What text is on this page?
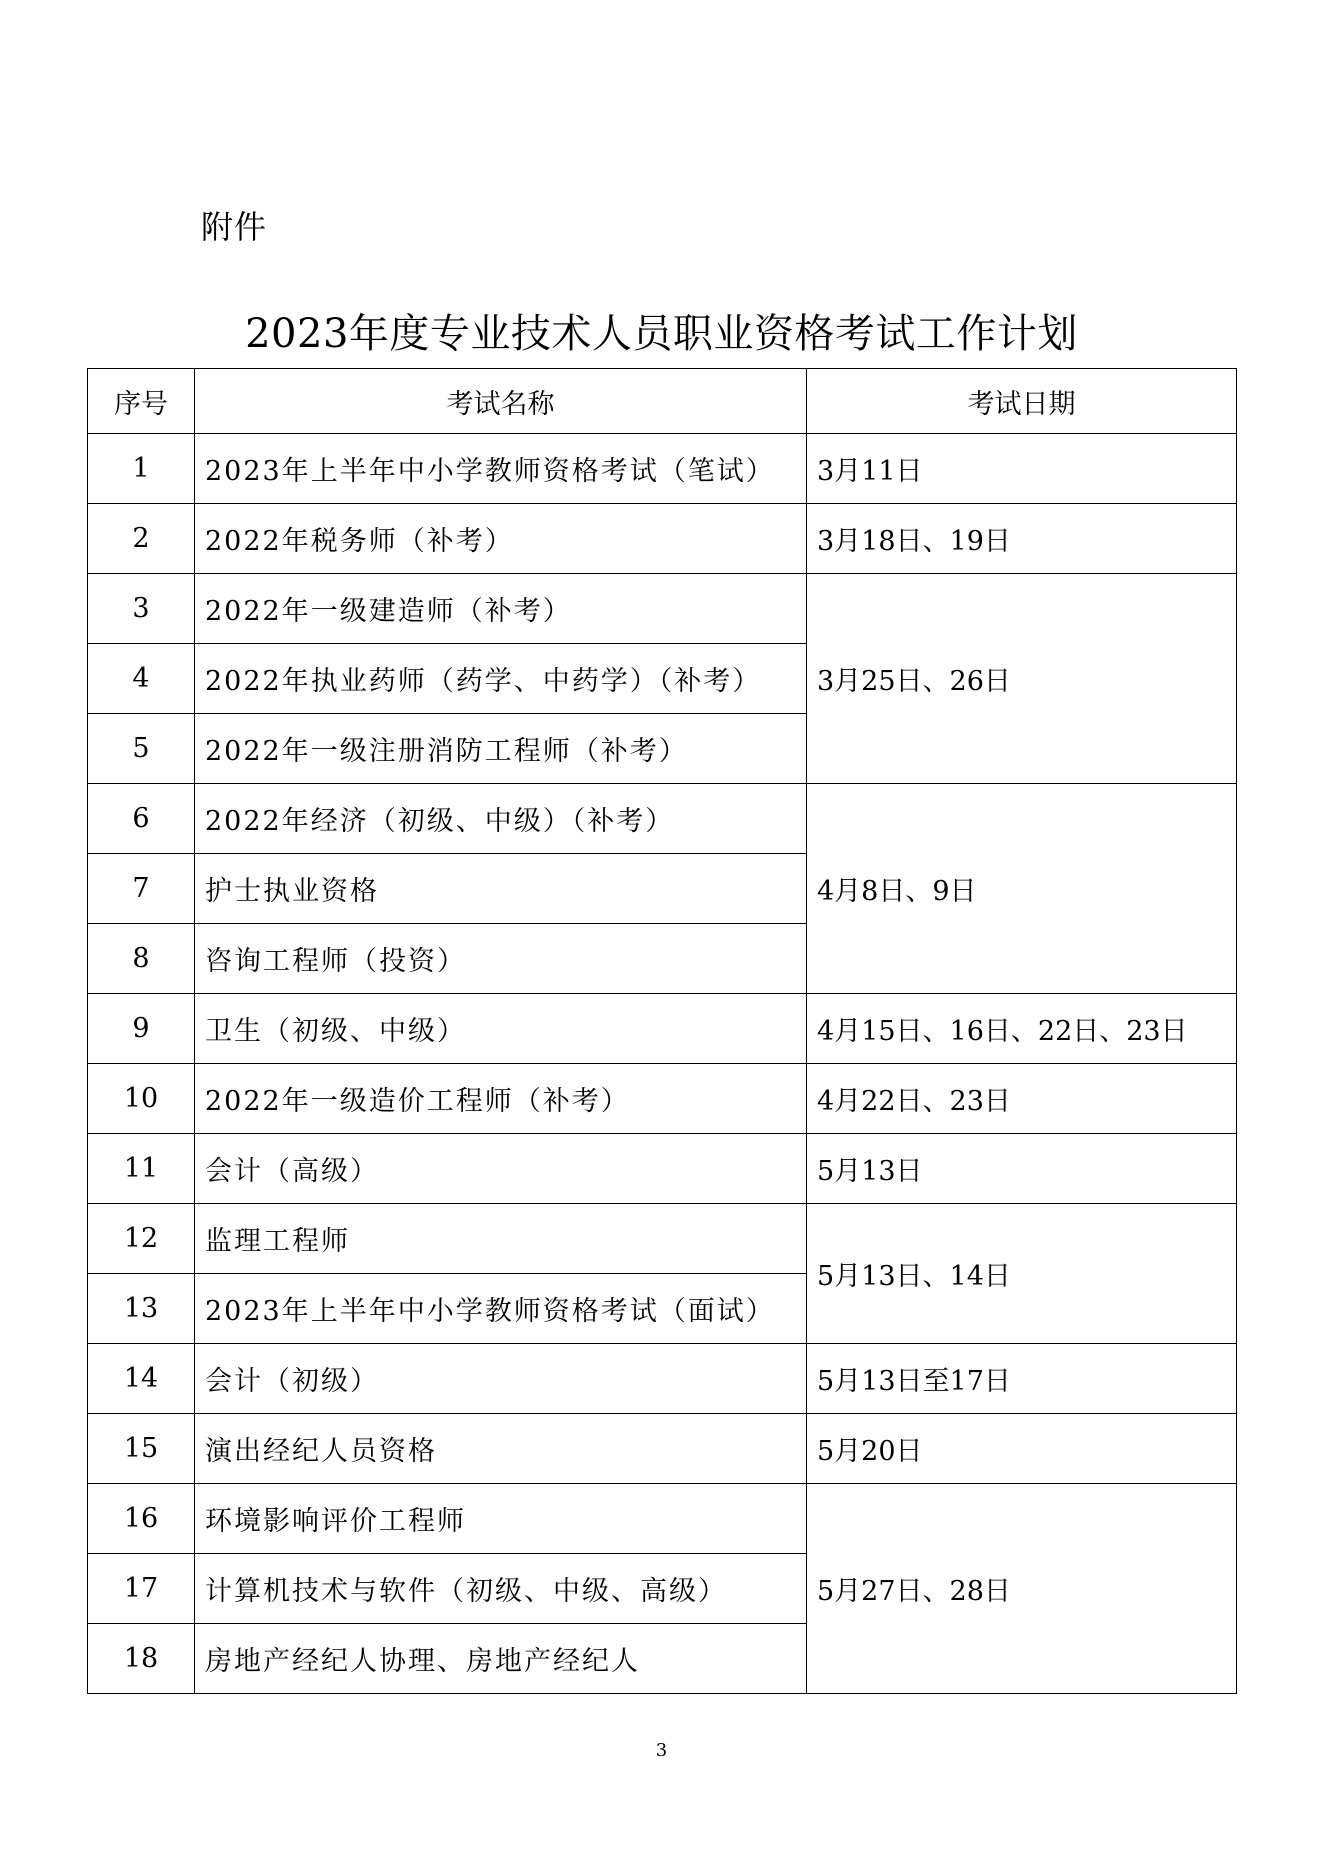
附件
2023年度专业技术人员职业资格考试工作计划
序号	考试名称	考试日期
1	2023年上半年中小学教师资格考试（笔试）	3月11日
2	2022年税务师（补考）	3月18日、19日
3	2022年一级建造师（补考）	3月25日、26日
4	2022年执业药师（药学、中药学）（补考）	
5	2022年一级注册消防工程师（补考）	
6	2022年经济（初级、中级）（补考）	4月8日、9日
7	护士执业资格	
8	咨询工程师（投资）	
9	卫生（初级、中级）	4月15日、16日、22日、23日
10	2022年一级造价工程师（补考）	4月22日、23日
11	会计（高级）	5月13日
12	监理工程师	5月13日、14日
13	2023年上半年中小学教师资格考试（面试）	
14	会计（初级）	5月13日至17日
15	演出经纪人员资格	5月20日
16	环境影响评价工程师	5月27日、28日
17	计算机技术与软件（初级、中级、高级）	
18	房地产经纪人协理、房地产经纪人	
3
